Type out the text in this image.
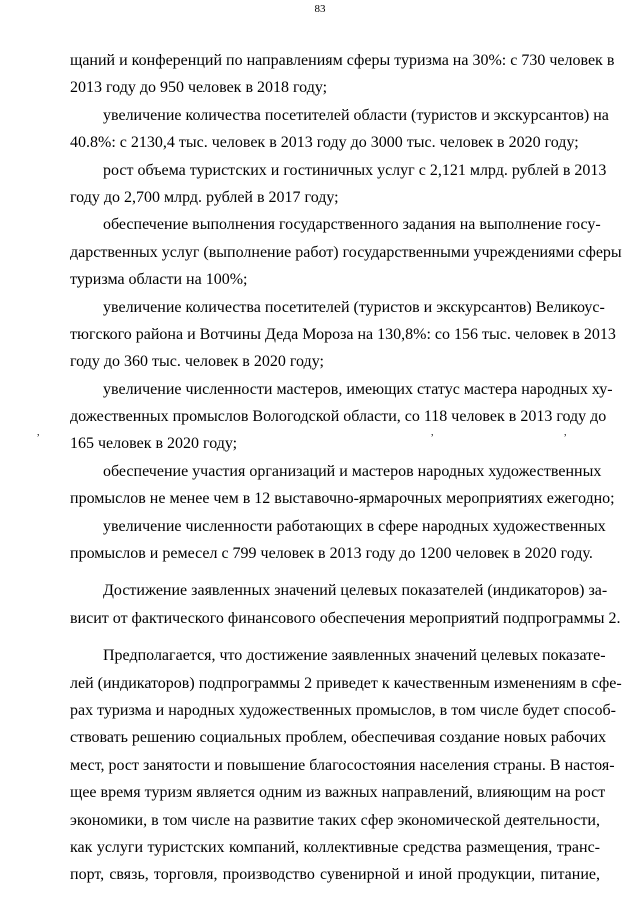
83
щаний и конференций по направлениям сферы туризма на 30%: с 730 человек в
2013 году до 950 человек в 2018 году;
увеличение количества посетителей области (туристов и экскурсантов) на
40.8%: с 2130,4 тыс. человек в 2013 году до 3000 тыс. человек в 2020 году;
рост объема туристских и гостиничных услуг с 2,121 млрд. рублей в 2013
году до 2,700 млрд. рублей в 2017 году;
обеспечение выполнения государственного задания на выполнение госу-
дарственных услуг (выполнение работ) государственными учреждениями сферы
туризма области на 100%;
увеличение количества посетителей (туристов и экскурсантов) Великоус-
тюгского района и Вотчины Деда Мороза на 130,8%: со 156 тыс. человек в 2013
году до 360 тыс. человек в 2020 году;
увеличение численности мастеров, имеющих статус мастера народных ху-
дожественных промыслов Вологодской области, со 118 человек в 2013 году до
165 человек в 2020 году;
обеспечение участия организаций и мастеров народных художественных
промыслов не менее чем в 12 выставочно-ярмарочных мероприятиях ежегодно;
увеличение численности работающих в сфере народных художественных
промыслов и ремесел с 799 человек в 2013 году до 1200 человек в 2020 году.
Достижение заявленных значений целевых показателей (индикаторов) за-
висит от фактического финансового обеспечения мероприятий подпрограммы 2.
Предполагается, что достижение заявленных значений целевых показате-
лей (индикаторов) подпрограммы 2 приведет к качественным изменениям в сфе-
рах туризма и народных художественных промыслов, в том числе будет способ-
ствовать решению социальных проблем, обеспечивая создание новых рабочих
мест, рост занятости и повышение благосостояния населения страны. В настоя-
щее время туризм является одним из важных направлений, влияющим на рост
экономики, в том числе на развитие таких сфер экономической деятельности,
как услуги туристских компаний, коллективные средства размещения, транс-
порт, связь, торговля, производство сувенирной и иной продукции, питание,
,	,	,
